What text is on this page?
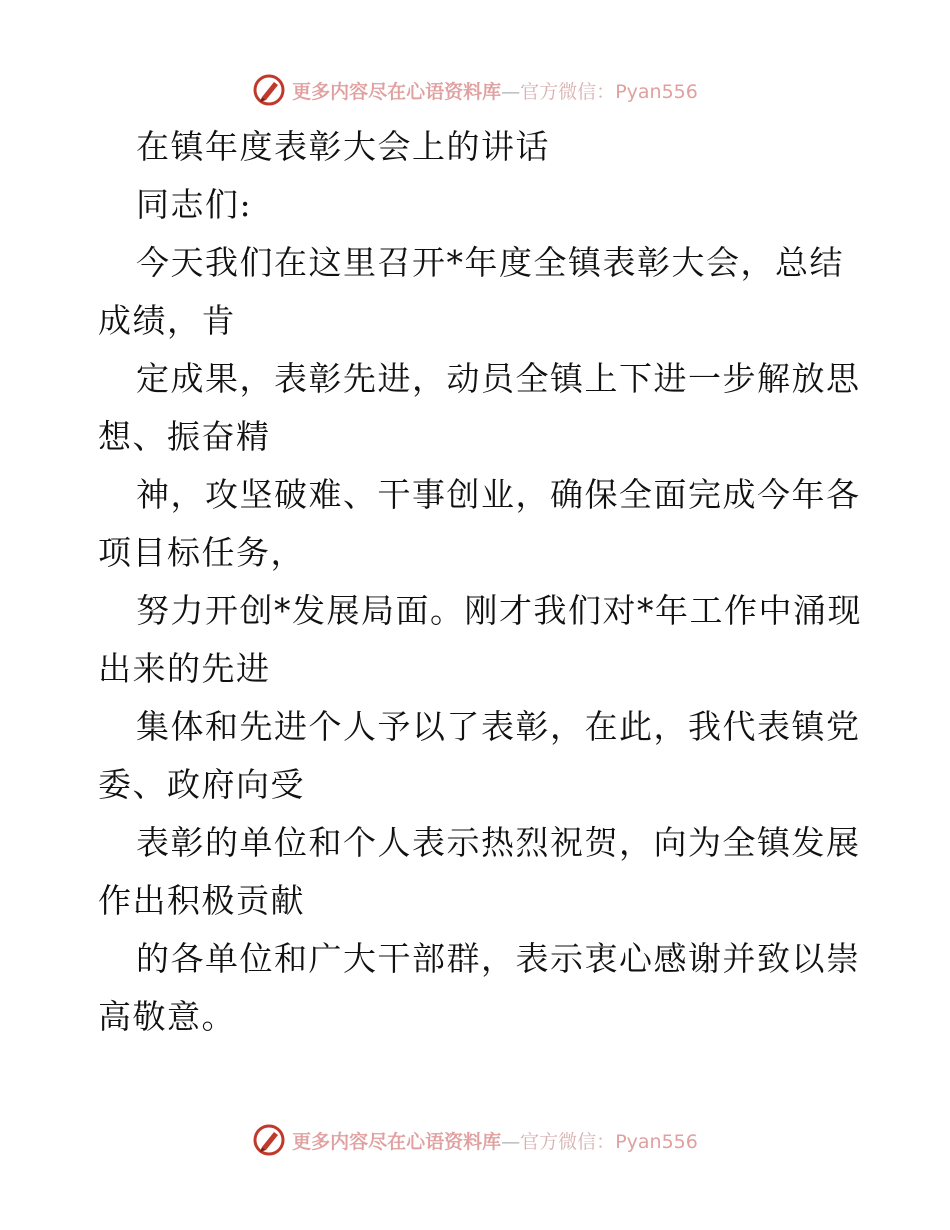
更多内容尽在心语资料库—官方微信：Pyan556
在镇年度表彰大会上的讲话
同志们:
今天我们在这里召开*年度全镇表彰大会，总结
成绩，肯
定成果，表彰先进，动员全镇上下进一步解放思
想、振奋精
神，攻坚破难、干事创业，确保全面完成今年各
项目标任务，
努力开创*发展局面。刚才我们对*年工作中涌现
出来的先进
集体和先进个人予以了表彰，在此，我代表镇党
委、政府向受
表彰的单位和个人表示热烈祝贺，向为全镇发展
作出积极贡献
的各单位和广大干部群，表示衷心感谢并致以崇
高敬意。
更多内容尽在心语资料库—官方微信：Pyan556
